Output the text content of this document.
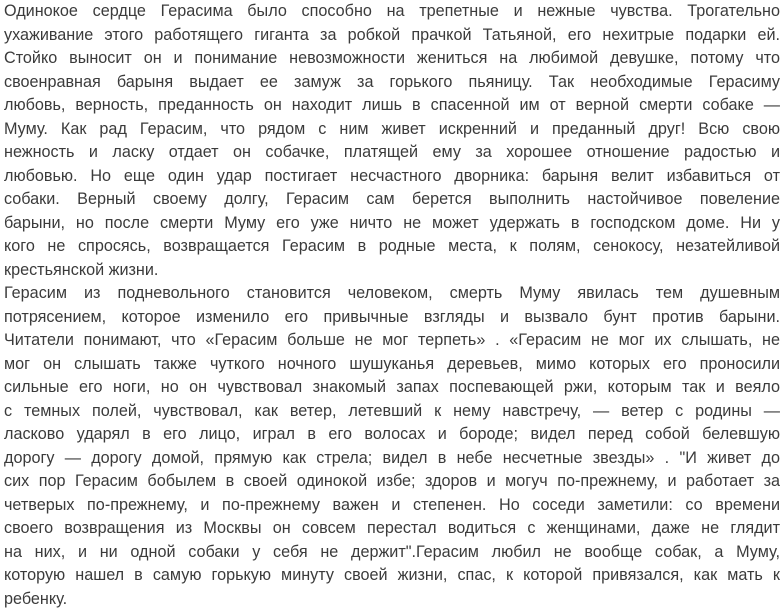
Одинокое сердце Герасима было способно на трепетные и нежные чувства. Трогательно
ухаживание этого работящего гиганта за робкой прачкой Татьяной, его нехитрые подарки ей.
Стойко выносит он и понимание невозможности жениться на любимой девушке, потому что
своенравная барыня выдает ее замуж за горького пьяницу. Так необходимые Герасиму
любовь, верность, преданность он находит лишь в спасенной им от верной смерти собаке —
Муму. Как рад Герасим, что рядом с ним живет искренний и преданный друг! Всю свою
нежность и ласку отдает он собачке, платящей ему за хорошее отношение радостью и
любовью. Но еще один удар постигает несчастного дворника: барыня велит избавиться от
собаки. Верный своему долгу, Герасим сам берется выполнить настойчивое повеление
барыни, но после смерти Муму его уже ничто не может удержать в господском доме. Ни у
кого не спросясь, возвращается Герасим в родные места, к полям, сенокосу, незатейливой
крестьянской жизни.
Герасим из подневольного становится человеком, смерть Муму явилась тем душевным
потрясением, которое изменило его привычные взгляды и вызвало бунт против барыни.
Читатели понимают, что «Герасим больше не мог терпеть» . «Герасим не мог их слышать, не
мог он слышать также чуткого ночного шушуканья деревьев, мимо которых его проносили
сильные его ноги, но он чувствовал знакомый запах поспевающей ржи, которым так и веяло
с темных полей, чувствовал, как ветер, летевший к нему навстречу, — ветер с родины —
ласково ударял в его лицо, играл в его волосах и бороде; видел перед собой белевшую
дорогу — дорогу домой, прямую как стрела; видел в небе несчетные звезды» . "И живет до
сих пор Герасим бобылем в своей одинокой избе; здоров и могуч по-прежнему, и работает за
четверых по-прежнему, и по-прежнему важен и степенен. Но соседи заметили: со времени
своего возвращения из Москвы он совсем перестал водиться с женщинами, даже не глядит
на них, и ни одной собаки у себя не держит".Герасим любил не вообще собак, а Муму,
которую нашел в самую горькую минуту своей жизни, спас, к которой привязался, как мать к
ребенку.
